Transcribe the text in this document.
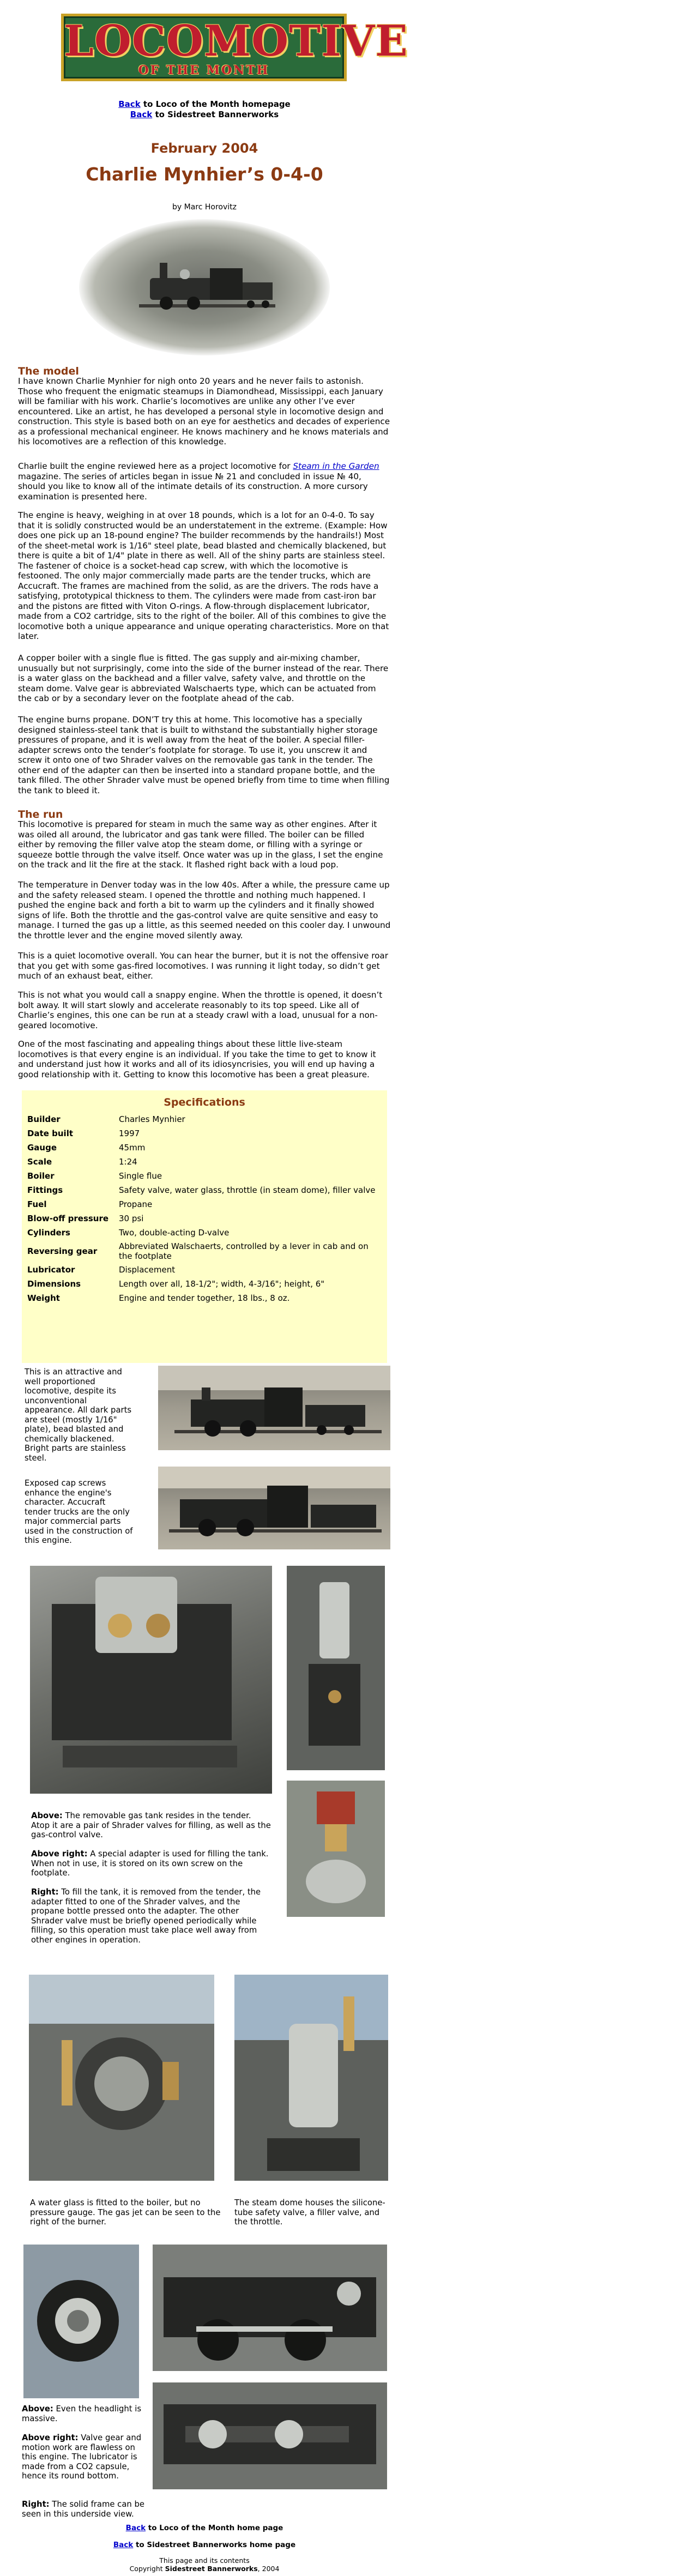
LOCOMOTIVE
OF THE MONTH
Back to Loco of the Month homepage
Back to Sidestreet Bannerworks
February 2004
Charlie Mynhier’s 0-4-0
by Marc Horovitz
The model

I have known Charlie Mynhier for nigh onto 20 years and he never fails to astonish. Those who frequent the enigmatic steamups in Diamondhead, Mississippi, each January will be familiar with his work. Charlie’s locomotives are unlike any other I’ve ever encountered. Like an artist, he has developed a personal style in locomotive design and construction. This style is based both on an eye for aesthetics and decades of experience as a professional mechanical engineer. He knows machinery and he knows materials and his locomotives are a reflection of this knowledge.

Charlie built the engine reviewed here as a project locomotive for Steam in the Garden magazine. The series of articles began in issue № 21 and concluded in issue № 40, should you like to know all of the intimate details of its construction. A more cursory examination is presented here.

The engine is heavy, weighing in at over 18 pounds, which is a lot for an 0-4-0. To say that it is solidly constructed would be an understatement in the extreme. (Example: How does one pick up an 18-pound engine? The builder recommends by the handrails!) Most of the sheet-metal work is 1/16" steel plate, bead blasted and chemically blackened, but there is quite a bit of 1/4" plate in there as well. All of the shiny parts are stainless steel. The fastener of choice is a socket-head cap screw, with which the locomotive is festooned. The only major commercially made parts are the tender trucks, which are Accucraft. The frames are machined from the solid, as are the drivers. The rods have a satisfying, prototypical thickness to them. The cylinders were made from cast-iron bar and the pistons are fitted with Viton O-rings. A flow-through displacement lubricator, made from a CO2 cartridge, sits to the right of the boiler. All of this combines to give the locomotive both a unique appearance and unique operating characteristics. More on that later.

A copper boiler with a single flue is fitted. The gas supply and air-mixing chamber, unusually but not surprisingly, come into the side of the burner instead of the rear. There is a water glass on the backhead and a filler valve, safety valve, and throttle on the steam dome. Valve gear is abbreviated Walschaerts type, which can be actuated from the cab or by a secondary lever on the footplate ahead of the cab.

The engine burns propane. DON’T try this at home. This locomotive has a specially designed stainless-steel tank that is built to withstand the substantially higher storage pressures of propane, and it is well away from the heat of the boiler. A special filler-adapter screws onto the tender’s footplate for storage. To use it, you unscrew it and screw it onto one of two Shrader valves on the removable gas tank in the tender. The other end of the adapter can then be inserted into a standard propane bottle, and the tank filled. The other Shrader valve must be opened briefly from time to time when filling the tank to bleed it.

The run

This locomotive is prepared for steam in much the same way as other engines. After it was oiled all around, the lubricator and gas tank were filled. The boiler can be filled either by removing the filler valve atop the steam dome, or filling with a syringe or squeeze bottle through the valve itself. Once water was up in the glass, I set the engine on the track and lit the fire at the stack. It flashed right back with a loud pop.

The temperature in Denver today was in the low 40s. After a while, the pressure came up and the safety released steam. I opened the throttle and nothing much happened. I pushed the engine back and forth a bit to warm up the cylinders and it finally showed signs of life. Both the throttle and the gas-control valve are quite sensitive and easy to manage. I turned the gas up a little, as this seemed needed on this cooler day. I unwound the throttle lever and the engine moved silently away.

This is a quiet locomotive overall. You can hear the burner, but it is not the offensive roar that you get with some gas-fired locomotives. I was running it light today, so didn’t get much of an exhaust beat, either.

This is not what you would call a snappy engine. When the throttle is opened, it doesn’t bolt away. It will start slowly and accelerate reasonably to its top speed. Like all of Charlie’s engines, this one can be run at a steady crawl with a load, unusual for a non-geared locomotive.

One of the most fascinating and appealing things about these little live-steam locomotives is that every engine is an individual. If you take the time to get to know it and understand just how it works and all of its idiosyncrisies, you will end up having a good relationship with it. Getting to know this locomotive has been a great pleasure.

Specifications
Builder	Charles Mynhier
Date built	1997
Gauge	45mm
Scale	1:24
Boiler	Single flue
Fittings	Safety valve, water glass, throttle (in steam dome), filler valve
Fuel	Propane
Blow-off pressure	30 psi
Cylinders	Two, double-acting D-valve
Reversing gear	Abbreviated Walschaerts, controlled by a lever in cab and on the footplate
Lubricator	Displacement
Dimensions	Length over all, 18-1/2"; width, 4-3/16"; height, 6"
Weight	Engine and tender together, 18 lbs., 8 oz.

This is an attractive and well proportioned locomotive, despite its unconventional appearance. All dark parts are steel (mostly 1/16" plate), bead blasted and chemically blackened. Bright parts are stainless steel.

Exposed cap screws enhance the engine's character. Accucraft tender trucks are the only major commercial parts used in the construction of this engine.

Above: The removable gas tank resides in the tender. Atop it are a pair of Shrader valves for filling, as well as the gas-control valve.

Above right: A special adapter is used for filling the tank. When not in use, it is stored on its own screw on the footplate.

Right: To fill the tank, it is removed from the tender, the adapter fitted to one of the Shrader valves, and the propane bottle pressed onto the adapter. The other Shrader valve must be briefly opened periodically while filling, so this operation must take place well away from other engines in operation.

A water glass is fitted to the boiler, but no pressure gauge. The gas jet can be seen to the right of the burner.

The steam dome houses the silicone-tube safety valve, a filler valve, and the throttle.

Above: Even the headlight is massive.

Above right: Valve gear and motion work are flawless on this engine. The lubricator is made from a CO2 capsule, hence its round bottom.

Right: The solid frame can be seen in this underside view.

Back to Loco of the Month home page
Back to Sidestreet Bannerworks home page
This page and its contents
Copyright Sidestreet Bannerworks, 2004
